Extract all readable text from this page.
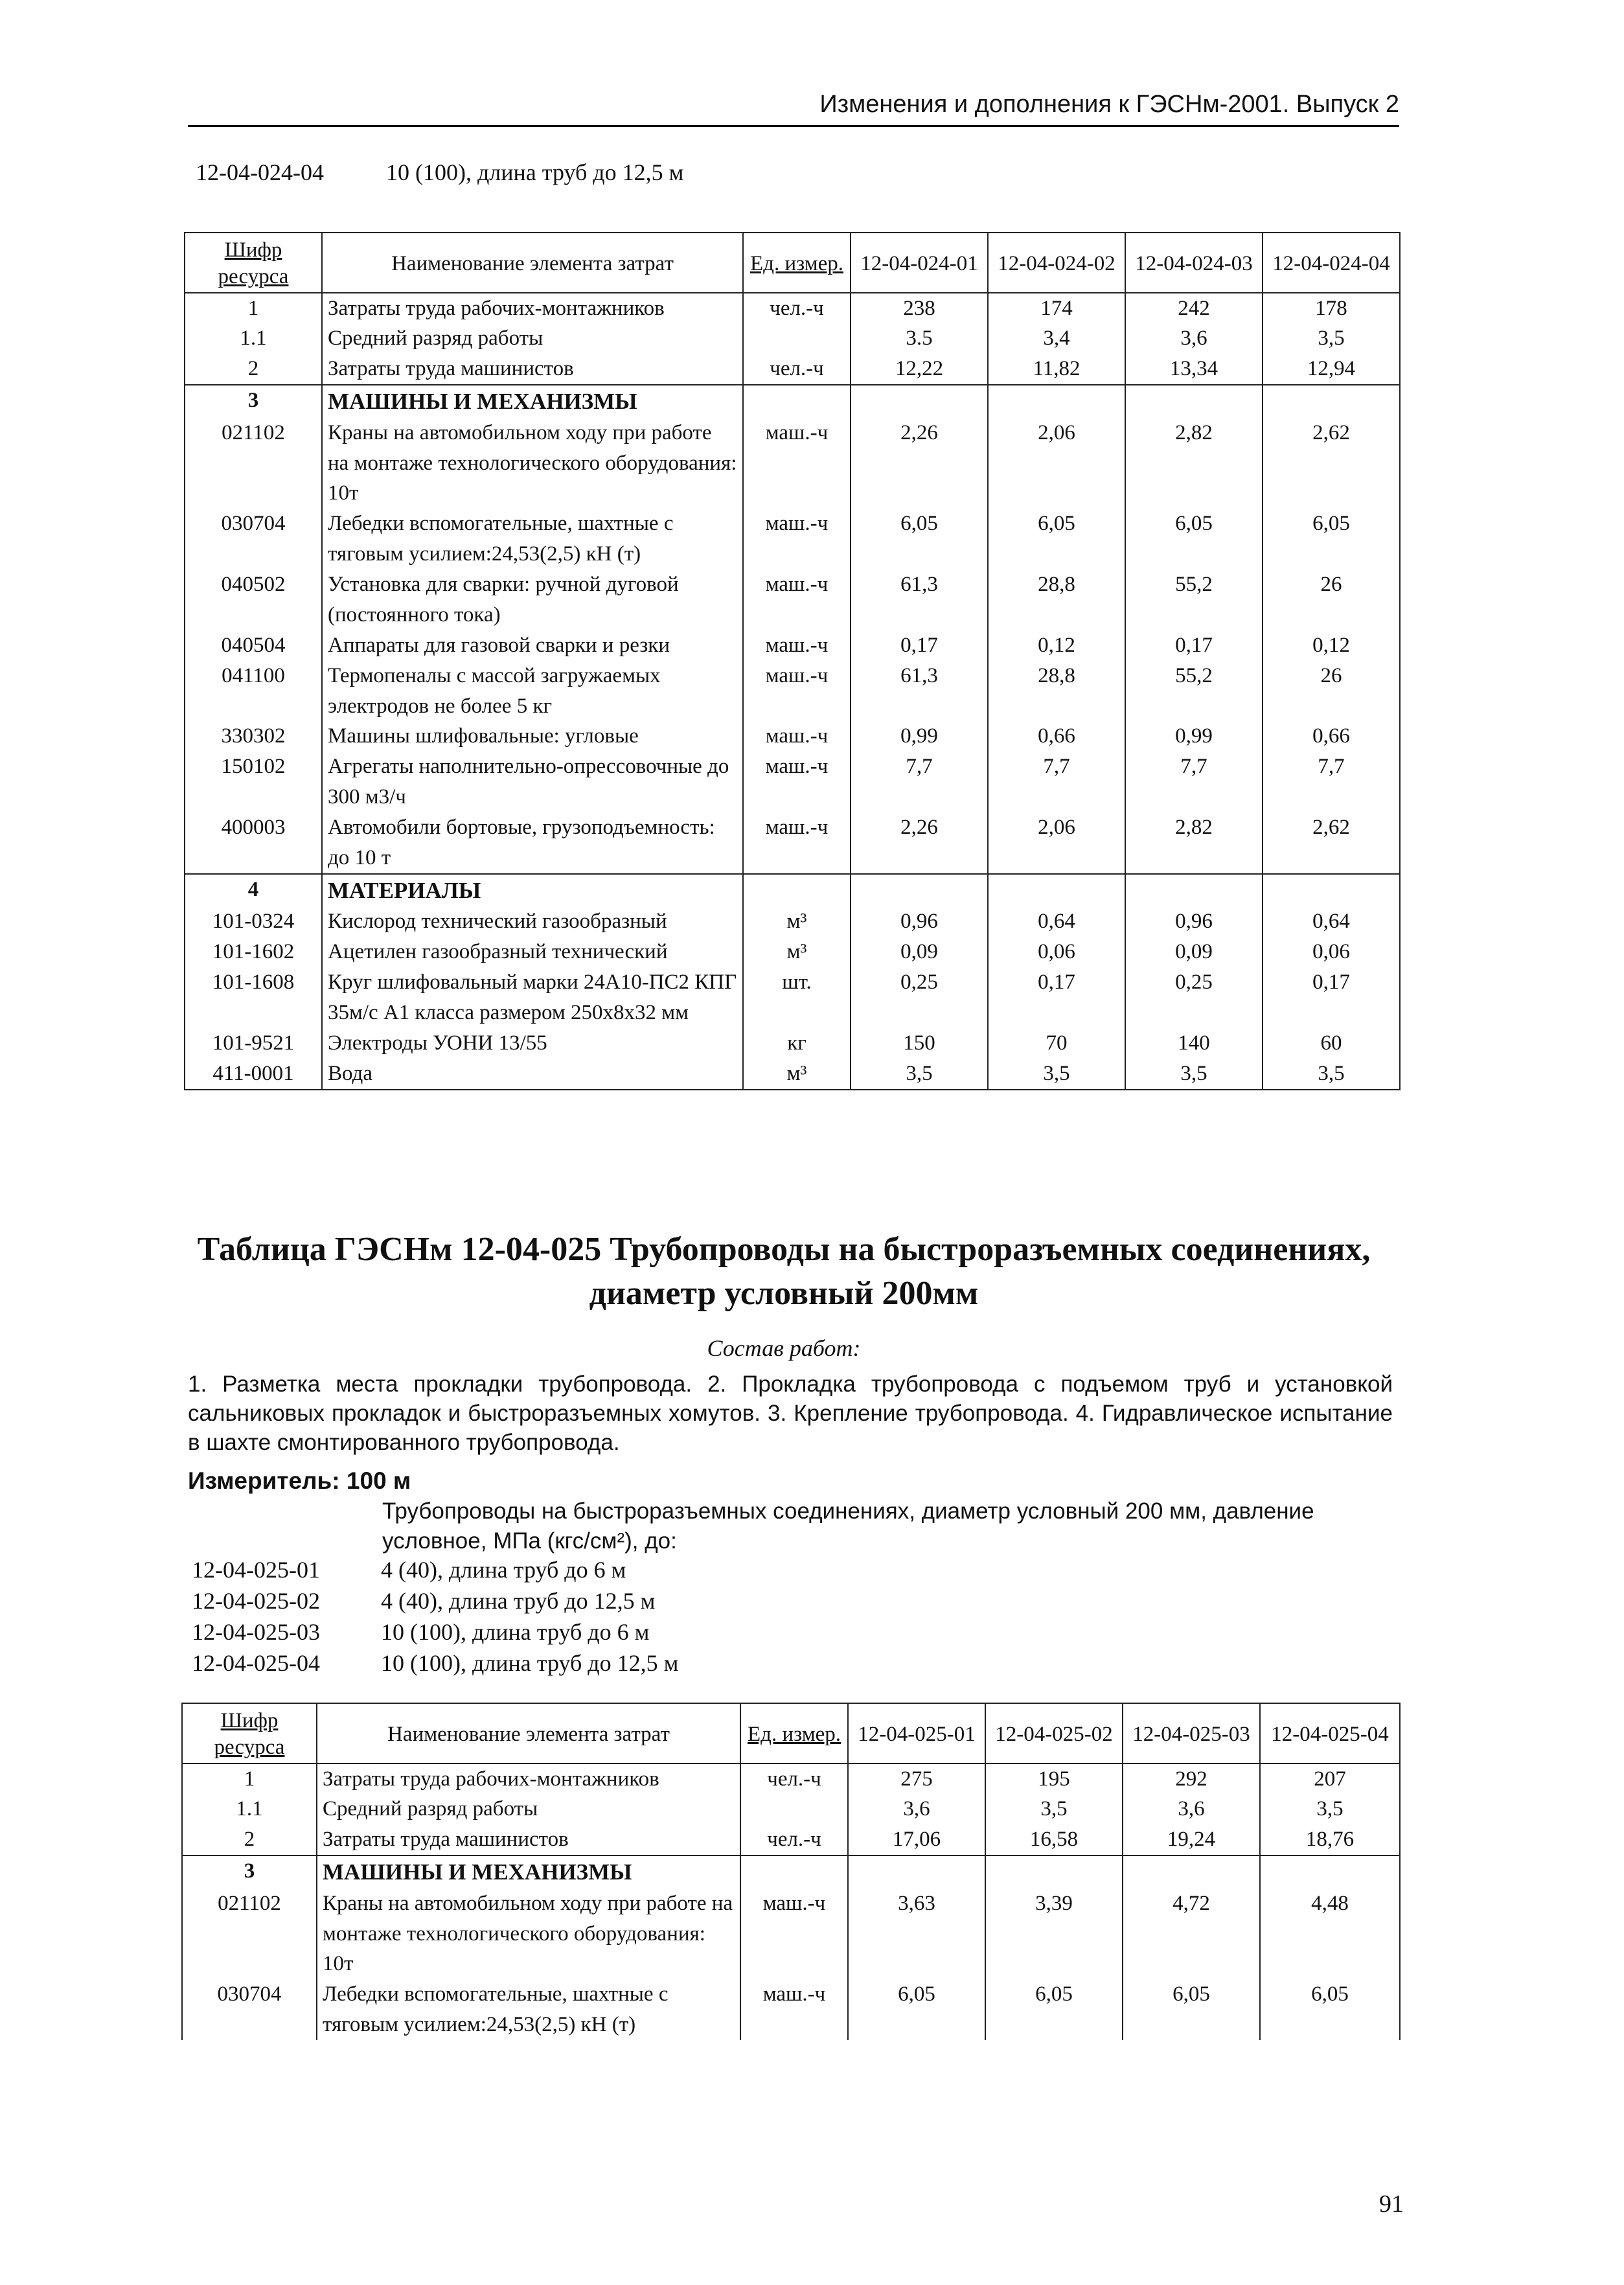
Изменения и дополнения к ГЭСНм-2001. Выпуск 2
12-04-024-04	10 (100), длина труб до 12,5 м
Шифр ресурса	Наименование элемента затрат	Ед. измер.	12-04-024-01	12-04-024-02	12-04-024-03	12-04-024-04
1	Затраты труда рабочих-монтажников	чел.-ч	238	174	242	178
1.1	Средний разряд работы		3.5	3,4	3,6	3,5
2	Затраты труда машинистов	чел.-ч	12,22	11,82	13,34	12,94
3	МАШИНЫ И МЕХАНИЗМЫ					
021102	Краны на автомобильном ходу при работе на монтаже технологического оборудования: 10т	маш.-ч	2,26	2,06	2,82	2,62
030704	Лебедки вспомогательные, шахтные с тяговым усилием:24,53(2,5) кН (т)	маш.-ч	6,05	6,05	6,05	6,05
040502	Установка для сварки: ручной дуговой (постоянного тока)	маш.-ч	61,3	28,8	55,2	26
040504	Аппараты для газовой сварки и резки	маш.-ч	0,17	0,12	0,17	0,12
041100	Термопеналы с массой загружаемых электродов не более 5 кг	маш.-ч	61,3	28,8	55,2	26
330302	Машины шлифовальные: угловые	маш.-ч	0,99	0,66	0,99	0,66
150102	Агрегаты наполнительно-опрессовочные до 300 м3/ч	маш.-ч	7,7	7,7	7,7	7,7
400003	Автомобили бортовые, грузоподъемность: до 10 т	маш.-ч	2,26	2,06	2,82	2,62
4	МАТЕРИАЛЫ					
101-0324	Кислород технический газообразный	м³	0,96	0,64	0,96	0,64
101-1602	Ацетилен газообразный технический	м³	0,09	0,06	0,09	0,06
101-1608	Круг шлифовальный марки 24А10-ПС2 КПГ 35м/с А1 класса размером 250х8х32 мм	шт.	0,25	0,17	0,25	0,17
101-9521	Электроды УОНИ 13/55	кг	150	70	140	60
411-0001	Вода	м³	3,5	3,5	3,5	3,5
Таблица ГЭСНм 12-04-025 Трубопроводы на быстроразъемных соединениях,
диаметр условный 200мм
Состав работ:
1. Разметка места прокладки трубопровода. 2. Прокладка трубопровода с подъемом труб и установкой сальниковых прокладок и быстроразъемных хомутов. 3. Крепление трубопровода. 4. Гидравлическое испытание в шахте смонтированного трубопровода.
Измеритель: 100 м
Трубопроводы на быстроразъемных соединениях, диаметр условный 200 мм, давление условное, МПа (кгс/см²), до:
12-04-025-01	4 (40), длина труб до 6 м
12-04-025-02	4 (40), длина труб до 12,5 м
12-04-025-03	10 (100), длина труб до 6 м
12-04-025-04	10 (100), длина труб до 12,5 м
Шифр ресурса	Наименование элемента затрат	Ед. измер.	12-04-025-01	12-04-025-02	12-04-025-03	12-04-025-04
1	Затраты труда рабочих-монтажников	чел.-ч	275	195	292	207
1.1	Средний разряд работы		3,6	3,5	3,6	3,5
2	Затраты труда машинистов	чел.-ч	17,06	16,58	19,24	18,76
3	МАШИНЫ И МЕХАНИЗМЫ					
021102	Краны на автомобильном ходу при работе на монтаже технологического оборудования: 10т	маш.-ч	3,63	3,39	4,72	4,48
030704	Лебедки вспомогательные, шахтные с тяговым усилием:24,53(2,5) кН (т)	маш.-ч	6,05	6,05	6,05	6,05
91
